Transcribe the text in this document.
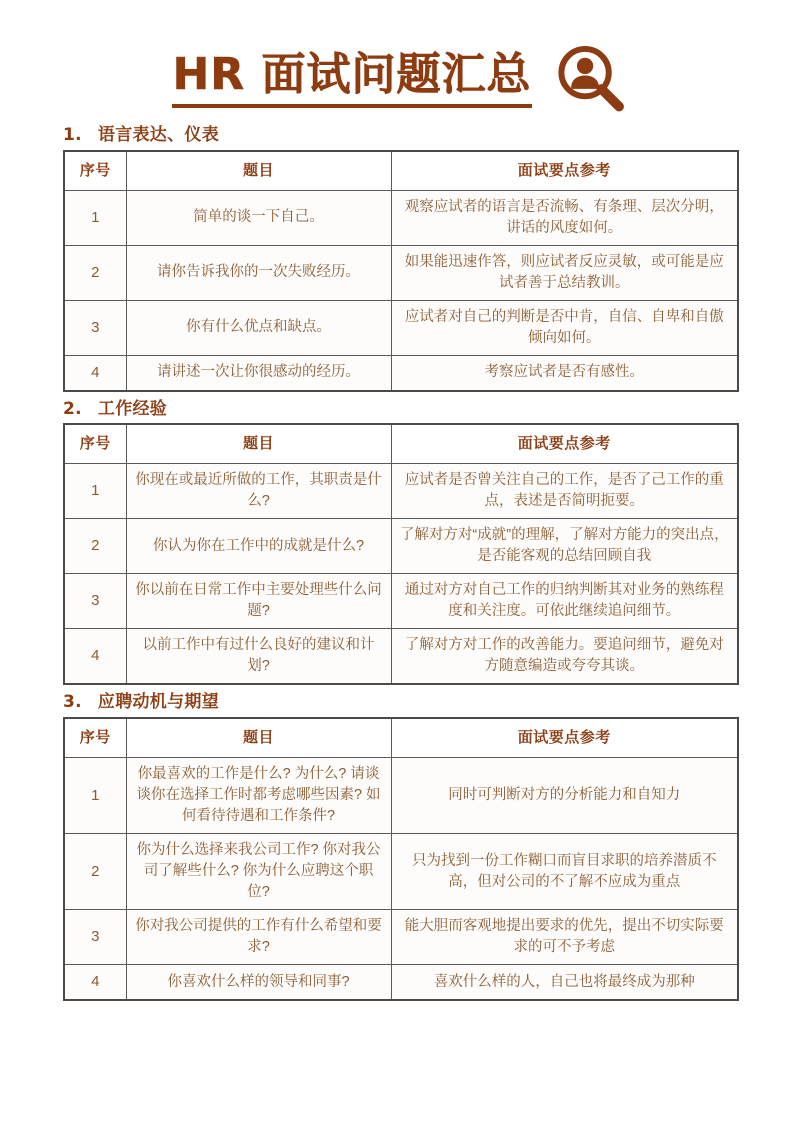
HR 面试问题汇总
1. 语言表达、仪表
序号	题目	面试要点参考
1	简单的谈一下自己。	观察应试者的语言是否流畅、有条理、层次分明，讲话的风度如何。
2	请你告诉我你的一次失败经历。	如果能迅速作答，则应试者反应灵敏，或可能是应试者善于总结教训。
3	你有什么优点和缺点。	应试者对自己的判断是否中肯，自信、自卑和自傲倾向如何。
4	请讲述一次让你很感动的经历。	考察应试者是否有感性。
2. 工作经验
序号	题目	面试要点参考
1	你现在或最近所做的工作，其职责是什么?	应试者是否曾关注自己的工作，是否了己工作的重点，表述是否简明扼要。
2	你认为你在工作中的成就是什么?	了解对方对“成就”的理解，了解对方能力的突出点，是否能客观的总结回顾自我
3	你以前在日常工作中主要处理些什么问题?	通过对方对自己工作的归纳判断其对业务的熟练程度和关注度。可依此继续追问细节。
4	以前工作中有过什么良好的建议和计划?	了解对方对工作的改善能力。要追问细节，避免对方随意编造或夸夸其谈。
3. 应聘动机与期望
序号	题目	面试要点参考
1	你最喜欢的工作是什么? 为什么? 请谈谈你在选择工作时都考虑哪些因素? 如何看待待遇和工作条件?	同时可判断对方的分析能力和自知力
2	你为什么选择来我公司工作? 你对我公司了解些什么? 你为什么应聘这个职位?	只为找到一份工作糊口而盲目求职的培养潜质不高，但对公司的不了解不应成为重点
3	你对我公司提供的工作有什么希望和要求?	能大胆而客观地提出要求的优先，提出不切实际要求的可不予考虑
4	你喜欢什么样的领导和同事?	喜欢什么样的人，自己也将最终成为那种
